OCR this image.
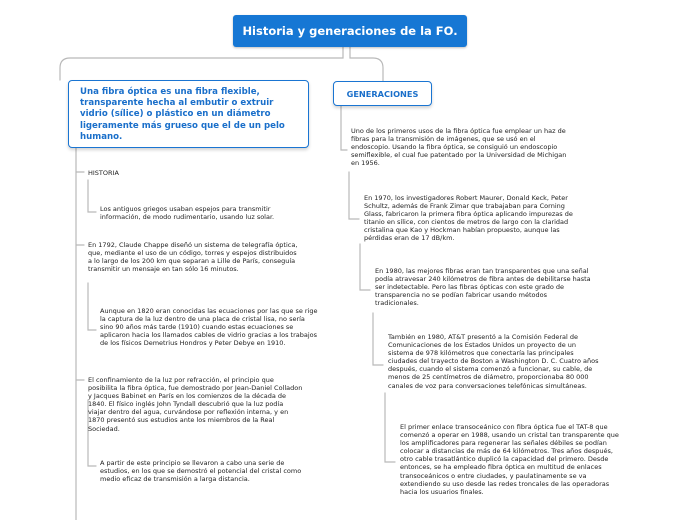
Historia y generaciones de la FO.
Una fibra óptica es una fibra flexible, transparente hecha al embutir o extruir vidrio (sílice) o plástico en un diámetro ligeramente más grueso que el de un pelo humano.
GENERACIONES
HISTORIA
Los antiguos griegos usaban espejos para transmitir información, de modo rudimentario, usando luz solar.
En 1792, Claude Chappe diseñó un sistema de telegrafía óptica, que, mediante el uso de un código, torres y espejos distribuidos a lo largo de los 200 km que separan a Lille de París, conseguía transmitir un mensaje en tan sólo 16 minutos.
Aunque en 1820 eran conocidas las ecuaciones por las que se rige la captura de la luz dentro de una placa de cristal lisa, no sería sino 90 años más tarde (1910) cuando estas ecuaciones se aplicaron hacia los llamados cables de vidrio gracias a los trabajos de los físicos Demetrius Hondros y Peter Debye en 1910.
El confinamiento de la luz por refracción, el principio que posibilita la fibra óptica, fue demostrado por Jean-Daniel Colladon y Jacques Babinet en París en los comienzos de la década de 1840. El físico inglés John Tyndall descubrió que la luz podía viajar dentro del agua, curvándose por reflexión interna, y en 1870 presentó sus estudios ante los miembros de la Real Sociedad.
A partir de este principio se llevaron a cabo una serie de estudios, en los que se demostró el potencial del cristal como medio eficaz de transmisión a larga distancia.
Uno de los primeros usos de la fibra óptica fue emplear un haz de fibras para la transmisión de imágenes, que se usó en el endoscopio. Usando la fibra óptica, se consiguió un endoscopio semiflexible, el cual fue patentado por la Universidad de Michigan en 1956.
En 1970, los investigadores Robert Maurer, Donald Keck, Peter Schultz, además de Frank Zimar que trabajaban para Corning Glass, fabricaron la primera fibra óptica aplicando impurezas de titanio en sílice, con cientos de metros de largo con la claridad cristalina que Kao y Hockman habían propuesto, aunque las pérdidas eran de 17 dB/km.
En 1980, las mejores fibras eran tan transparentes que una señal podía atravesar 240 kilómetros de fibra antes de debilitarse hasta ser indetectable. Pero las fibras ópticas con este grado de transparencia no se podían fabricar usando métodos tradicionales.
También en 1980, AT&T presentó a la Comisión Federal de Comunicaciones de los Estados Unidos un proyecto de un sistema de 978 kilómetros que conectaría las principales ciudades del trayecto de Boston a Washington D. C. Cuatro años después, cuando el sistema comenzó a funcionar, su cable, de menos de 25 centímetros de diámetro, proporcionaba 80 000 canales de voz para conversaciones telefónicas simultáneas.
El primer enlace transoceánico con fibra óptica fue el TAT-8 que comenzó a operar en 1988, usando un cristal tan transparente que los amplificadores para regenerar las señales débiles se podían colocar a distancias de más de 64 kilómetros. Tres años después, otro cable trasatlántico duplicó la capacidad del primero. Desde entonces, se ha empleado fibra óptica en multitud de enlaces transoceánicos o entre ciudades, y paulatinamente se va extendiendo su uso desde las redes troncales de las operadoras hacia los usuarios finales.
